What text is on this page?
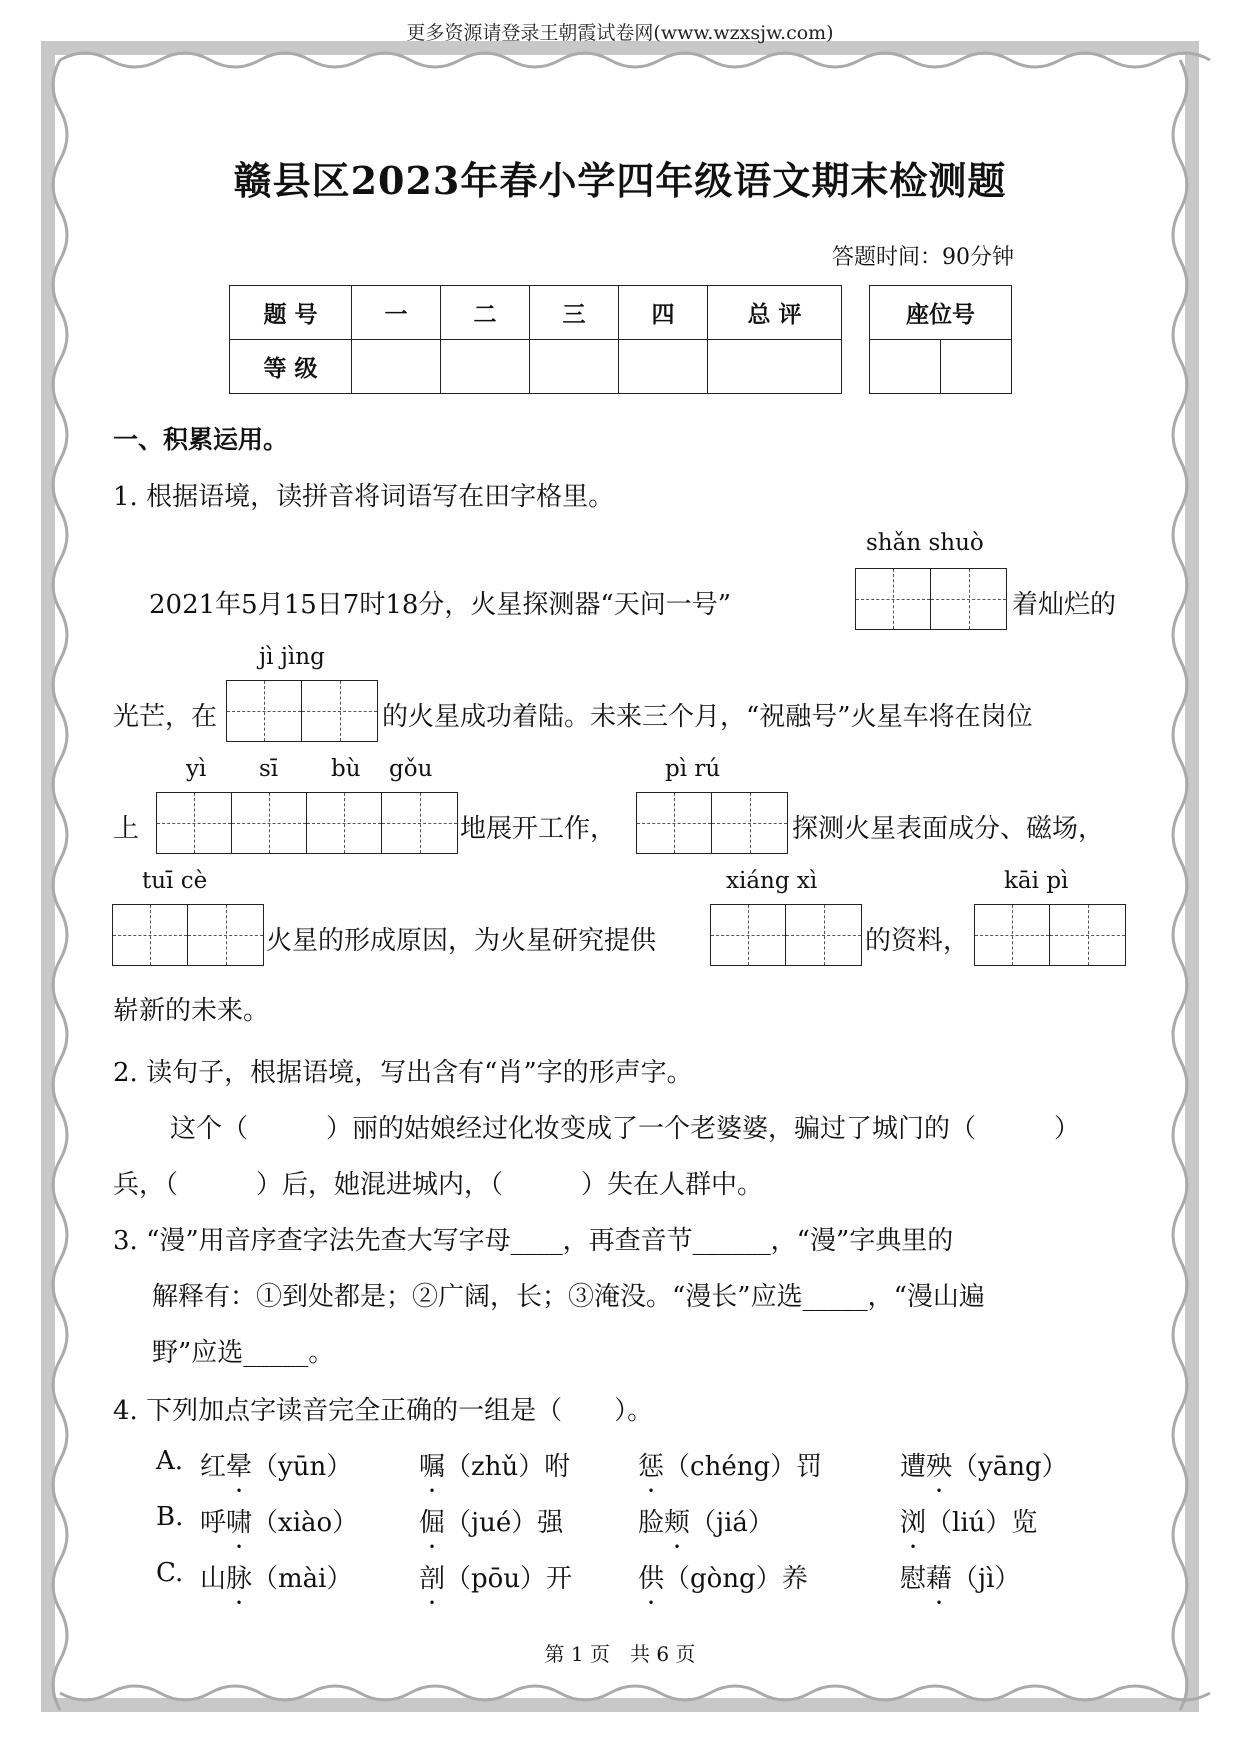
更多资源请登录王朝霞试卷网(www.wzxsjw.com)
赣县区2023年春小学四年级语文期末检测题
答题时间：90分钟
题 号	一	二	三	四	总 评
等 级					
座位号

一、积累运用。
1. 根据语境，读拼音将词语写在田字格里。
shǎn shuò
2021年5月15日7时18分，火星探测器“天问一号”	着灿烂的
jì jìng
光芒，在	的火星成功着陆。未来三个月，“祝融号”火星车将在岗位
yì sī bù gǒu	pì rú
上	地展开工作，	探测火星表面成分、磁场，
tuī cè	xiáng xì	kāi pì
火星的形成原因，为火星研究提供	的资料，
崭新的未来。
2. 读句子，根据语境，写出含有“肖”字的形声字。
这个（　　　）丽的姑娘经过化妆变成了一个老婆婆，骗过了城门的（　　　）
兵，（　　　）后，她混进城内，（　　　）失在人群中。
3. “漫”用音序查字法先查大写字母____，再查音节______，“漫”字典里的
解释有：①到处都是；②广阔，长；③淹没。“漫长”应选_____，“漫山遍
野”应选_____。
4. 下列加点字读音完全正确的一组是（　　）。
A. 红晕（yūn）	嘱（zhǔ）咐	惩（chéng）罚	遭殃（yāng）
B. 呼啸（xiào） 倔（jué）强	脸颊（jiá）	浏（liú）览
C. 山脉（mài）	剖（pōu）开	供（gòng）养	慰藉（jì）
第 1 页　共 6 页
